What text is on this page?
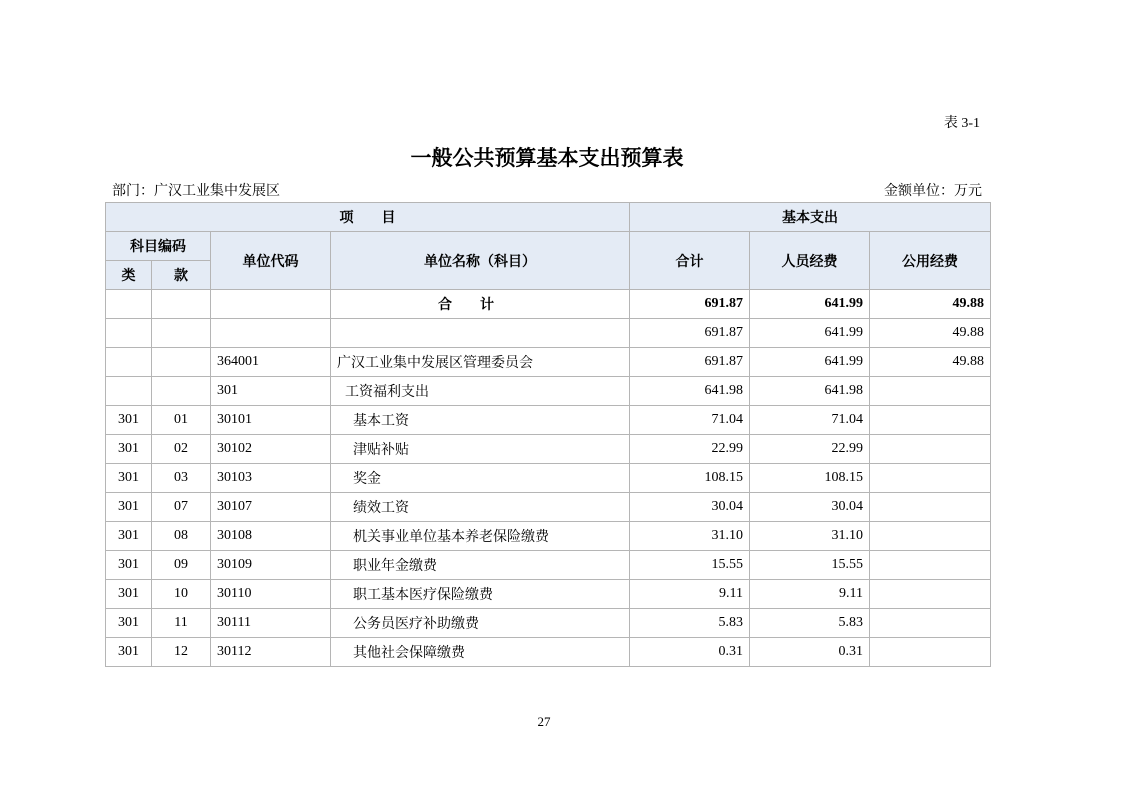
表 3-1
一般公共预算基本支出预算表
部门：广汉工业集中发展区	金额单位：万元
项　　目				基本支出		
科目编码		单位代码	单位名称（科目）	合计	人员经费	公用经费
类	款					
			合计	691.87	641.99	49.88
				691.87	641.99	49.88
		364001	广汉工业集中发展区管理委员会	691.87	641.99	49.88
		301	工资福利支出	641.98	641.98	
301	01	30101	基本工资	71.04	71.04	
301	02	30102	津贴补贴	22.99	22.99	
301	03	30103	奖金	108.15	108.15	
301	07	30107	绩效工资	30.04	30.04	
301	08	30108	机关事业单位基本养老保险缴费	31.10	31.10	
301	09	30109	职业年金缴费	15.55	15.55	
301	10	30110	职工基本医疗保险缴费	9.11	9.11	
301	11	30111	公务员医疗补助缴费	5.83	5.83	
301	12	30112	其他社会保障缴费	0.31	0.31	
27
